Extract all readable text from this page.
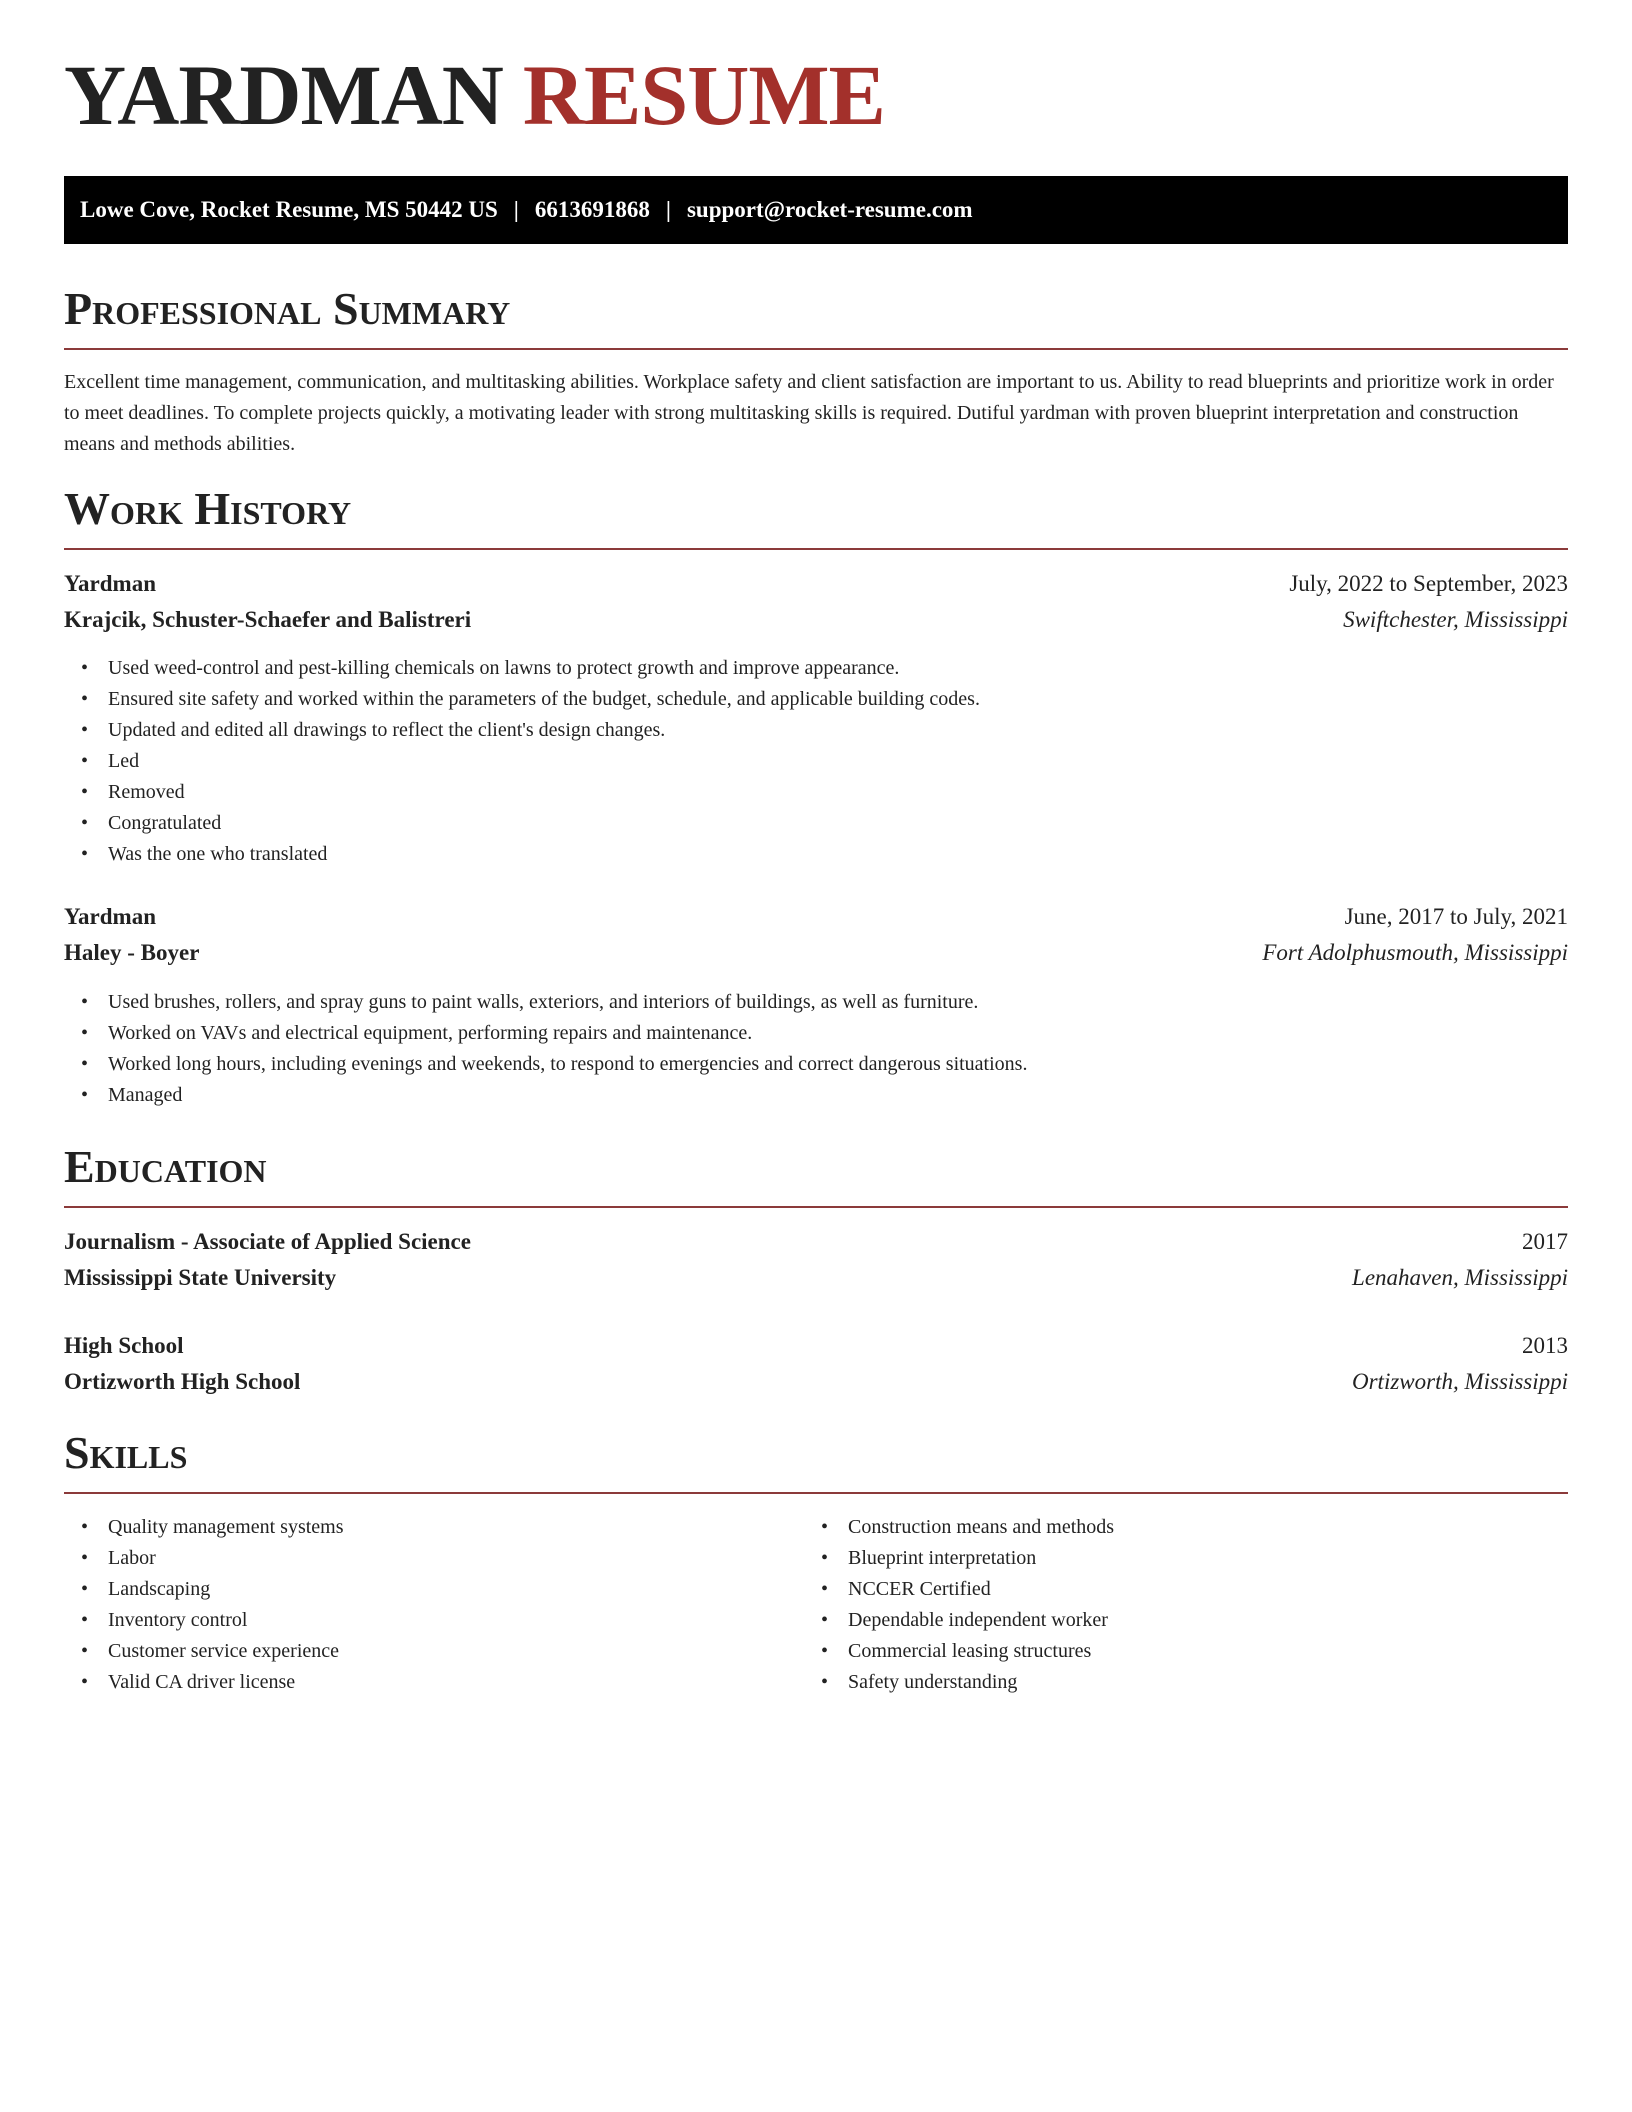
YARDMAN RESUME
Lowe Cove, Rocket Resume, MS 50442 US | 6613691868 | support@rocket-resume.com
Professional Summary

Excellent time management, communication, and multitasking abilities. Workplace safety and client satisfaction are important to us. Ability to read blueprints and prioritize work in order to meet deadlines. To complete projects quickly, a motivating leader with strong multitasking skills is required. Dutiful yardman with proven blueprint interpretation and construction means and methods abilities.

Work History
Yardman	July, 2022 to September, 2023
Krajcik, Schuster-Schaefer and Balistreri	Swiftchester, Mississippi
• Used weed-control and pest-killing chemicals on lawns to protect growth and improve appearance.
• Ensured site safety and worked within the parameters of the budget, schedule, and applicable building codes.
• Updated and edited all drawings to reflect the client's design changes.
• Led
• Removed
• Congratulated
• Was the one who translated
Yardman	June, 2017 to July, 2021
Haley - Boyer	Fort Adolphusmouth, Mississippi
• Used brushes, rollers, and spray guns to paint walls, exteriors, and interiors of buildings, as well as furniture.
• Worked on VAVs and electrical equipment, performing repairs and maintenance.
• Worked long hours, including evenings and weekends, to respond to emergencies and correct dangerous situations.
• Managed
Education
Journalism - Associate of Applied Science	2017
Mississippi State University	Lenahaven, Mississippi
High School	2013
Ortizworth High School	Ortizworth, Mississippi
Skills
• Quality management systems
• Labor
• Landscaping
• Inventory control
• Customer service experience
• Valid CA driver license
• Construction means and methods
• Blueprint interpretation
• NCCER Certified
• Dependable independent worker
• Commercial leasing structures
• Safety understanding
